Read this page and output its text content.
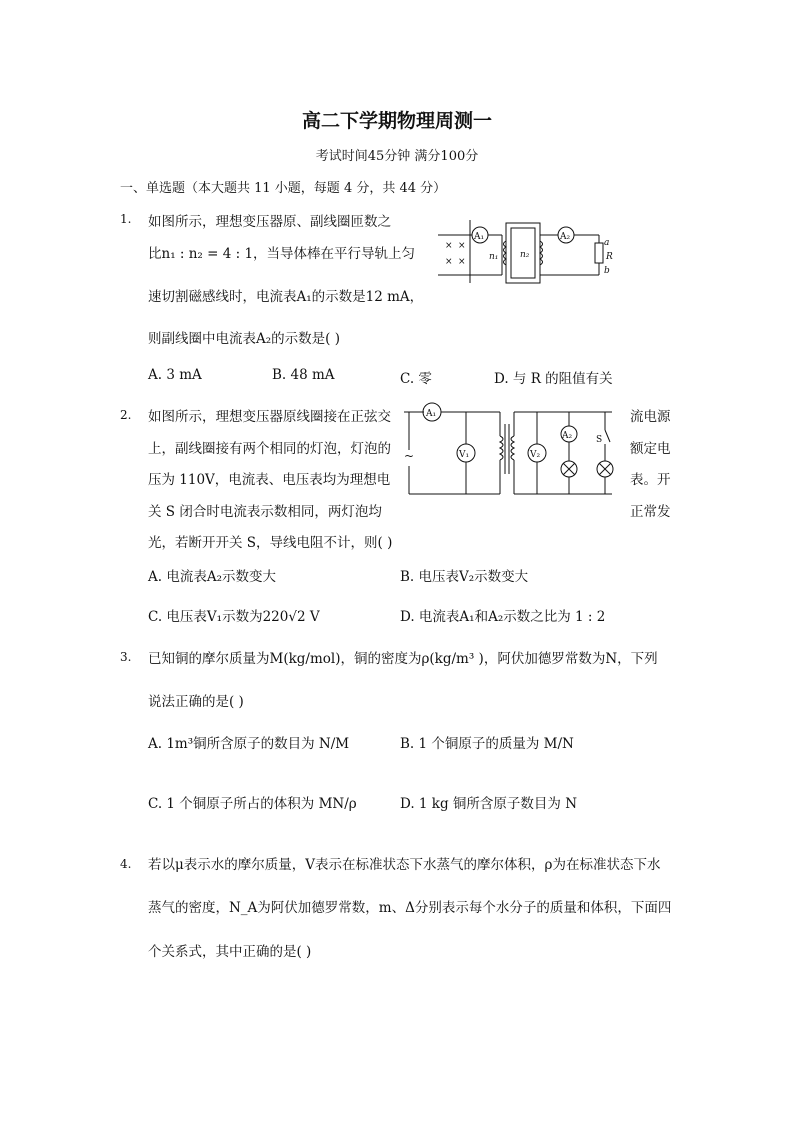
高二下学期物理周测一
考试时间45分钟 满分100分
一、单选题（本大题共 11 小题，每题 4 分，共 44 分）
1. 如图所示，理想变压器原、副线圈匝数之
比n₁ : n₂ = 4 : 1，当导体棒在平行导轨上匀
速切割磁感线时，电流表A₁的示数是12 mA，
则副线圈中电流表A₂的示数是( )
× ×
× ×
A₁	A₂
n₁ n₂
a
R
b
A. 3 mA	B. 48 mA	C. 零	D. 与 R 的阻值有关
2. 如图所示，理想变压器原线圈接在正弦交	流电源
上，副线圈接有两个相同的灯泡，灯泡的	额定电
压为 110V，电流表、电压表均为理想电	表。开
关 S 闭合时电流表示数相同，两灯泡均	正常发
光，若断开开关 S，导线电阻不计，则( )
~
A₁
V₁	V₂
A₂	S
A. 电流表A₂示数变大	B. 电压表V₂示数变大
C. 电压表V₁示数为220√2 V	D. 电流表A₁和A₂示数之比为 1 : 2
3. 已知铜的摩尔质量为M(kg/mol)，铜的密度为ρ(kg/m³ )，阿伏加德罗常数为N，下列
说法正确的是( )
A. 1m³铜所含原子的数目为 N/M	B. 1 个铜原子的质量为 M/N
C. 1 个铜原子所占的体积为 MN/ρ	D. 1 kg 铜所含原子数目为 N
4. 若以μ表示水的摩尔质量，V表示在标准状态下水蒸气的摩尔体积，ρ为在标准状态下水
蒸气的密度，N_A为阿伏加德罗常数，m、Δ分别表示每个水分子的质量和体积，下面四
个关系式，其中正确的是( )
